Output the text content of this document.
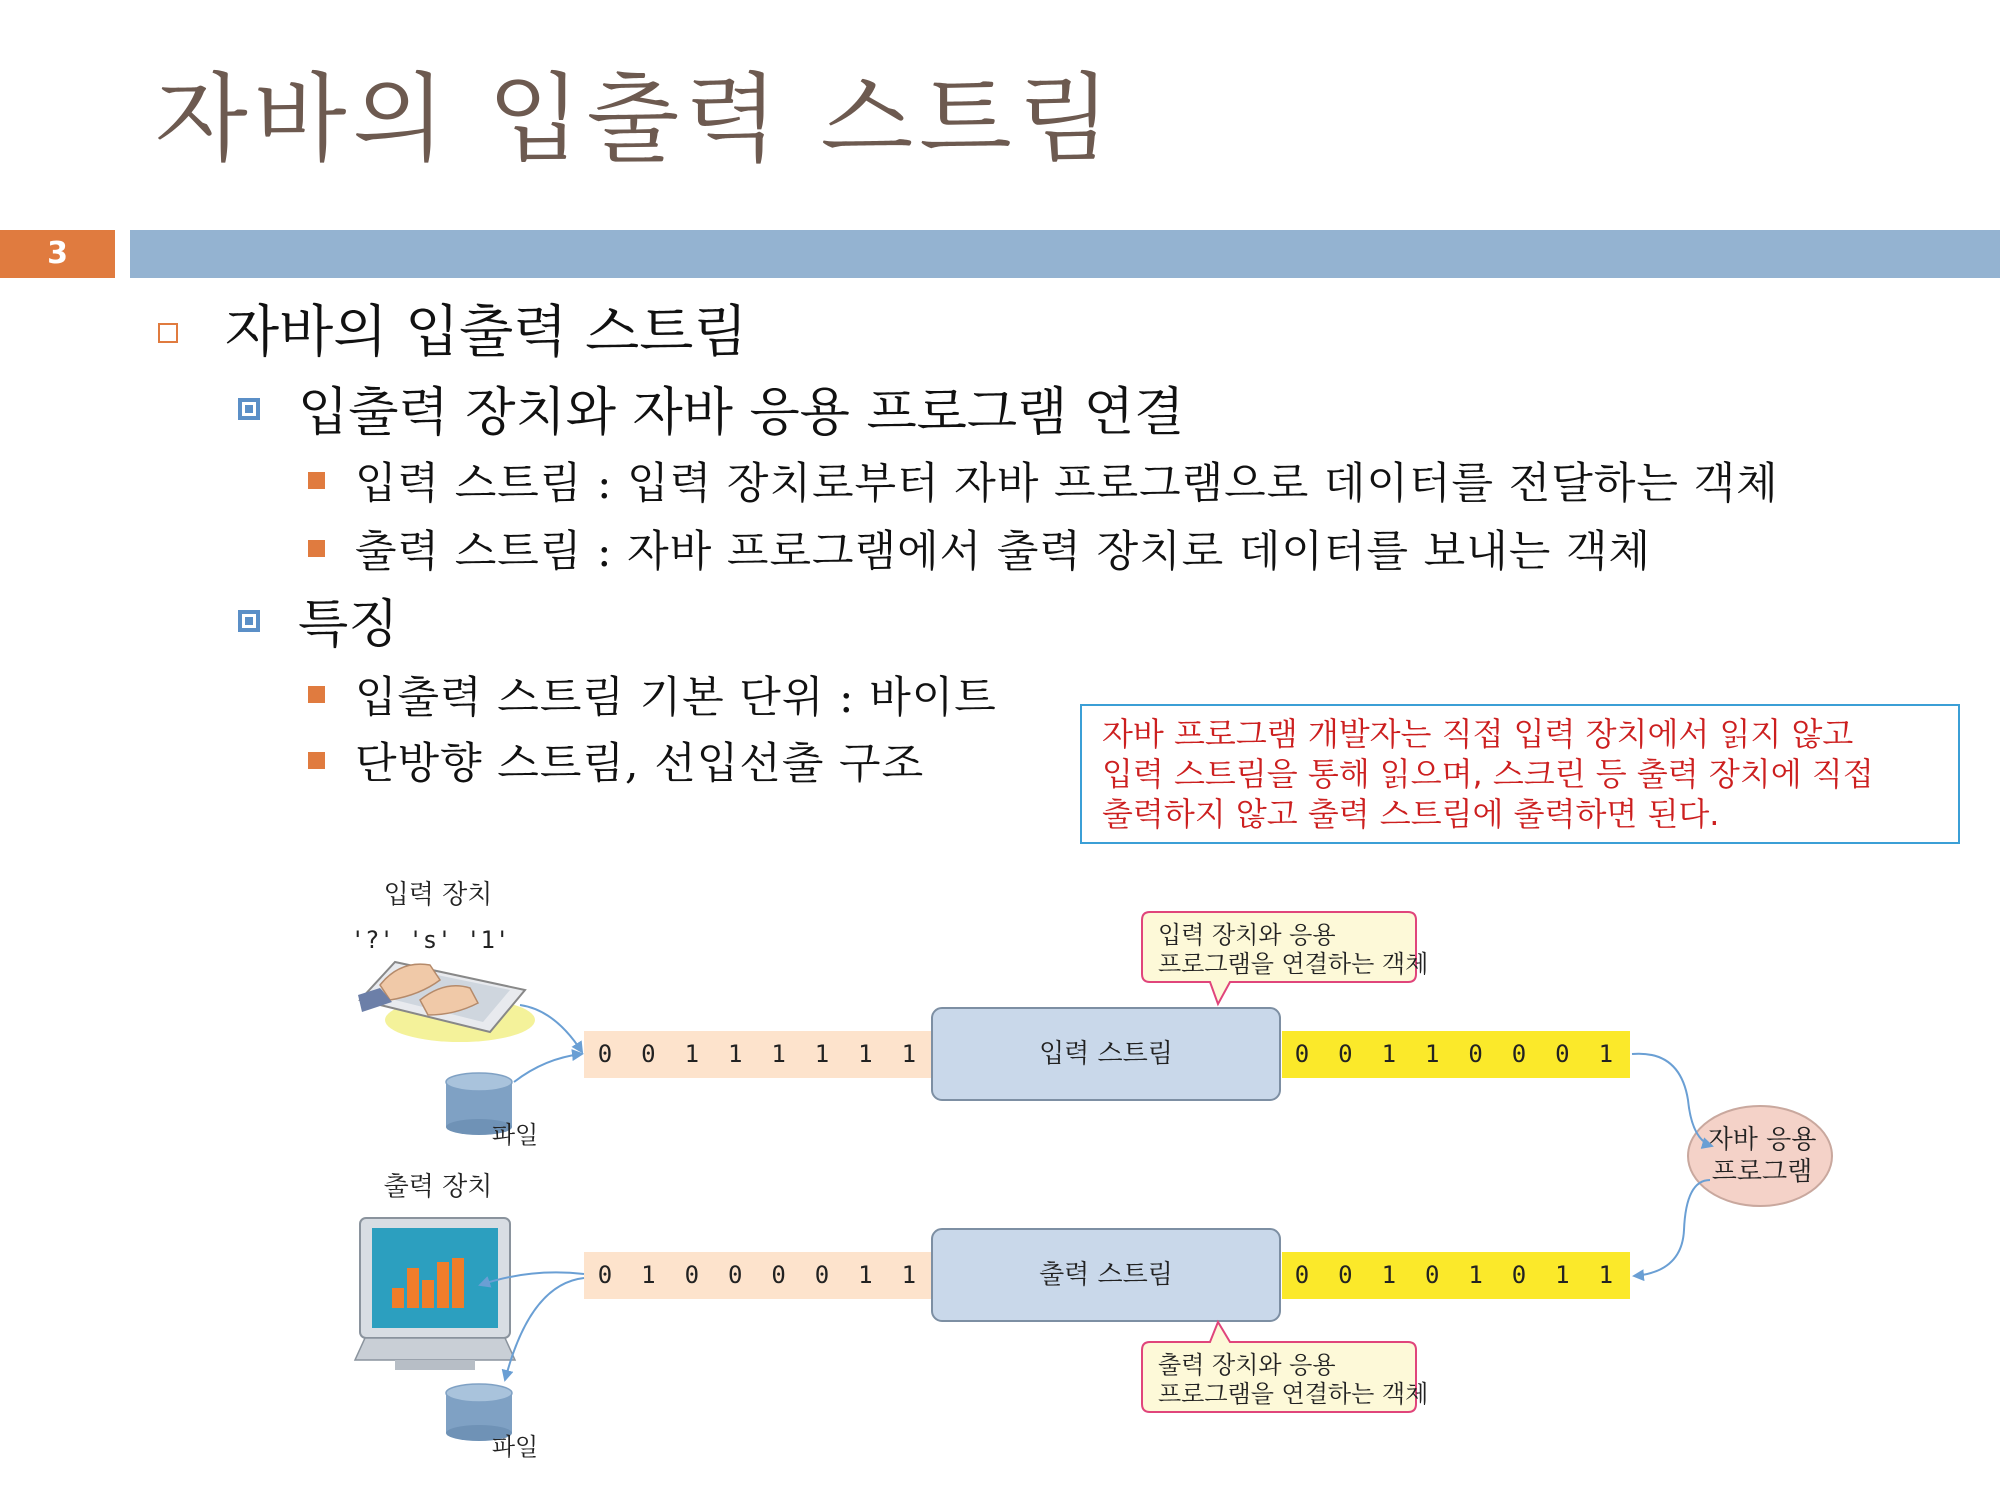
자바의 입출력 스트림
3
자바의 입출력 스트림
입출력 장치와 자바 응용 프로그램 연결
입력 스트림 : 입력 장치로부터 자바 프로그램으로 데이터를 전달하는 객체
출력 스트림 : 자바 프로그램에서 출력 장치로 데이터를 보내는 객체
특징
입출력 스트림 기본 단위 : 바이트
단방향 스트림, 선입선출 구조
자바 프로그램 개발자는 직접 입력 장치에서 읽지 않고
입력 스트림을 통해 읽으며, 스크린 등 출력 장치에 직접
출력하지 않고 출력 스트림에 출력하면 된다.
입력 장치
'?' 's' '1'
파일
출력 장치
파일
0 0 1 1 1 1 1 1	0 0 1 1 0 0 0 1
0 1 0 0 0 0 1 1	0 0 1 0 1 0 1 1
입력 스트림
출력 스트림
자바 응용
프로그램
입력 장치와 응용
프로그램을 연결하는 객체
출력 장치와 응용
프로그램을 연결하는 객체
